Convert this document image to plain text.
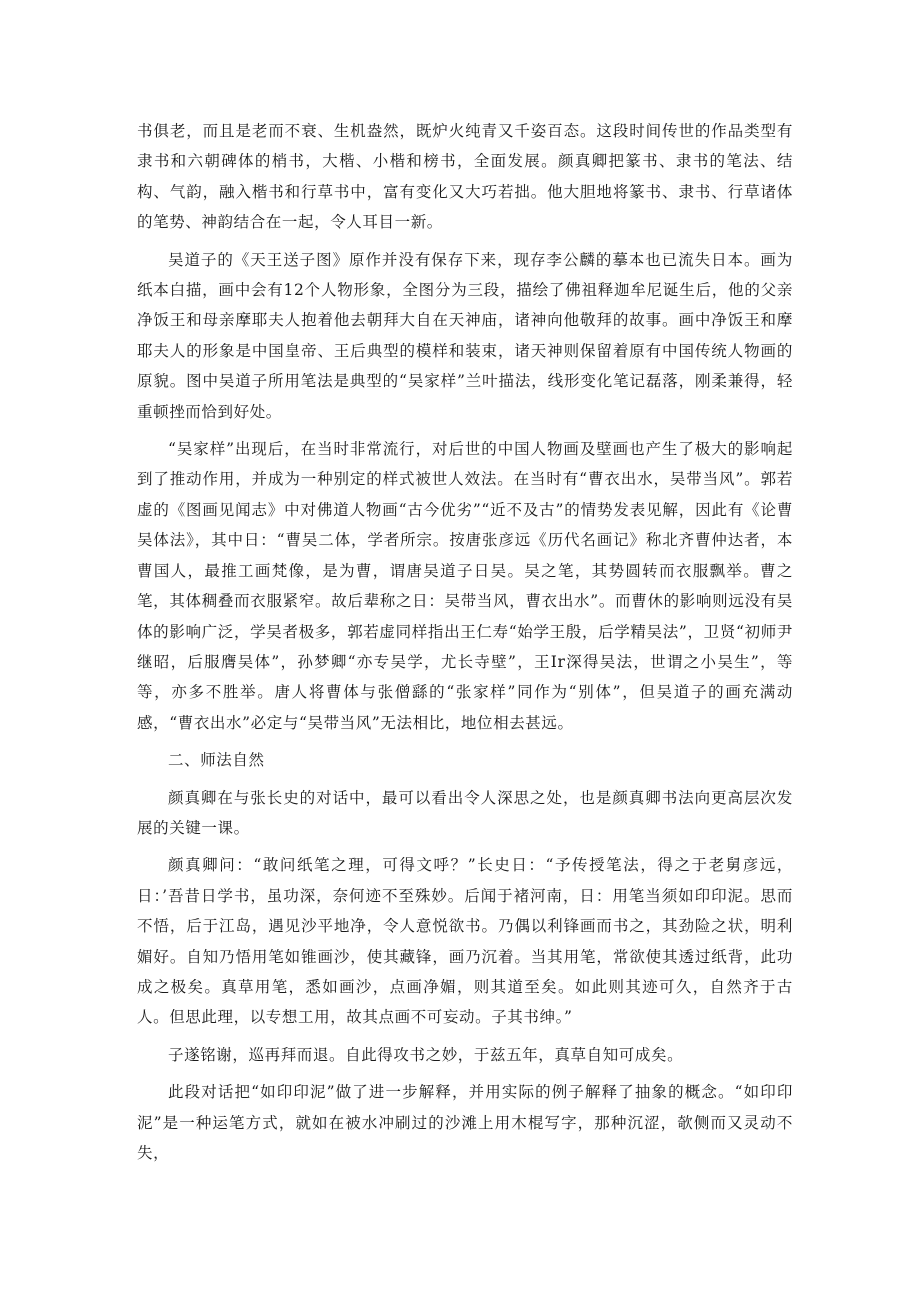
书俱老，而且是老而不衰、生机盎然，既炉火纯青又千姿百态。这段时间传世的作品类型有隶书和六朝碑体的梢书，大楷、小楷和榜书，全面发展。颜真卿把篆书、隶书的笔法、结构、气韵，融入楷书和行草书中，富有变化又大巧若拙。他大胆地将篆书、隶书、行草诸体的笔势、神韵结合在一起，令人耳目一新。

吴道子的《天王送子图》原作并没有保存下来，现存李公麟的摹本也已流失日本。画为纸本白描，画中会有12个人物形象，全图分为三段，描绘了佛祖释迦牟尼诞生后，他的父亲净饭王和母亲摩耶夫人抱着他去朝拜大自在天神庙，诸神向他敬拜的故事。画中净饭王和摩耶夫人的形象是中国皇帝、王后典型的模样和装束，诸天神则保留着原有中国传统人物画的原貌。图中吴道子所用笔法是典型的“吴家样”兰叶描法，线形变化笔记磊落，刚柔兼得，轻重顿挫而恰到好处。

“吴家样”出现后，在当时非常流行，对后世的中国人物画及壁画也产生了极大的影响起到了推动作用，并成为一种别定的样式被世人效法。在当时有“曹衣出水，吴带当风”。郭若虚的《图画见闻志》中对佛道人物画“古今优劣”“近不及古”的情势发表见解，因此有《论曹吴体法》，其中日：“曹吴二体，学者所宗。按唐张彦远《历代名画记》称北齐曹仲达者，本曹国人，最推工画梵像，是为曹，谓唐吴道子日吴。吴之笔，其势圆转而衣服飘举。曹之笔，其体稠叠而衣服紧窄。故后辈称之日：吴带当风，曹衣出水”。而曹休的影响则远没有吴体的影响广泛，学吴者极多，郭若虚同样指出王仁寿“始学王殷，后学精吴法”，卫贤“初师尹继昭，后服膺吴体”，孙梦卿“亦专吴学，尤长寺壁”，王Ir深得吴法，世谓之小吴生”，等等，亦多不胜举。唐人将曹体与张僧繇的“张家样”同作为“别体”，但吴道子的画充满动感，“曹衣出水”必定与“吴带当风”无法相比，地位相去甚远。

二、师法自然

颜真卿在与张长史的对话中，最可以看出令人深思之处，也是颜真卿书法向更高层次发展的关键一课。

颜真卿问：“敢问纸笔之理，可得文呼？”长史日：“予传授笔法，得之于老舅彦远，日：’吾昔日学书，虽功深，奈何迹不至殊妙。后闻于褚河南，日：用笔当须如印印泥。思而不悟，后于江岛，遇见沙平地净，令人意悦欲书。乃偶以利锋画而书之，其劲险之状，明利媚好。自知乃悟用笔如锥画沙，使其藏锋，画乃沉着。当其用笔，常欲使其透过纸背，此功成之极矣。真草用笔，悉如画沙，点画净媚，则其道至矣。如此则其迹可久，自然齐于古人。但思此理，以专想工用，故其点画不可妄动。子其书绅。”

子遂铭谢，巡再拜而退。自此得攻书之妙，于兹五年，真草自知可成矣。

此段对话把“如印印泥”做了进一步解释，并用实际的例子解释了抽象的概念。“如印印泥”是一种运笔方式，就如在被水冲刷过的沙滩上用木棍写字，那种沉涩，欹侧而又灵动不失，
